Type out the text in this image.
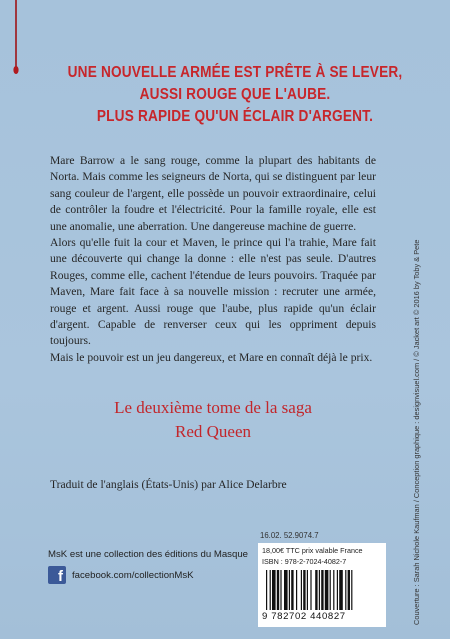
UNE NOUVELLE ARMÉE EST PRÊTE À SE LEVER,
AUSSI ROUGE QUE L'AUBE.
PLUS RAPIDE QU'UN ÉCLAIR D'ARGENT.

Mare Barrow a le sang rouge, comme la plupart des habitants de Norta. Mais comme les seigneurs de Norta, qui se distinguent par leur sang couleur de l'argent, elle possède un pouvoir extraordinaire, celui de contrôler la foudre et l'électricité. Pour la famille royale, elle est une anomalie, une aberration. Une dangereuse machine de guerre.

Alors qu'elle fuit la cour et Maven, le prince qui l'a trahie, Mare fait une découverte qui change la donne : elle n'est pas seule. D'autres Rouges, comme elle, cachent l'étendue de leurs pouvoirs. Traquée par Maven, Mare fait face à sa nouvelle mission : recruter une armée, rouge et argent. Aussi rouge que l'aube, plus rapide qu'un éclair d'argent. Capable de renverser ceux qui les oppriment depuis toujours.

Mais le pouvoir est un jeu dangereux, et Mare en connaît déjà le prix.

Le deuxième tome de la saga
Red Queen
Traduit de l'anglais (États-Unis) par Alice Delarbre
16.02. 52.9074.7
MsK est une collection des éditions du Masque
f facebook.com/collectionMsK
18,00€ TTC prix valable France
ISBN : 978-2-7024-4082-7
9 782702 440827	Couverture : Sarah Nichole Kaufman / Conception graphique : designvisuel.com / © Jacket art © 2016 by Toby & Pete
